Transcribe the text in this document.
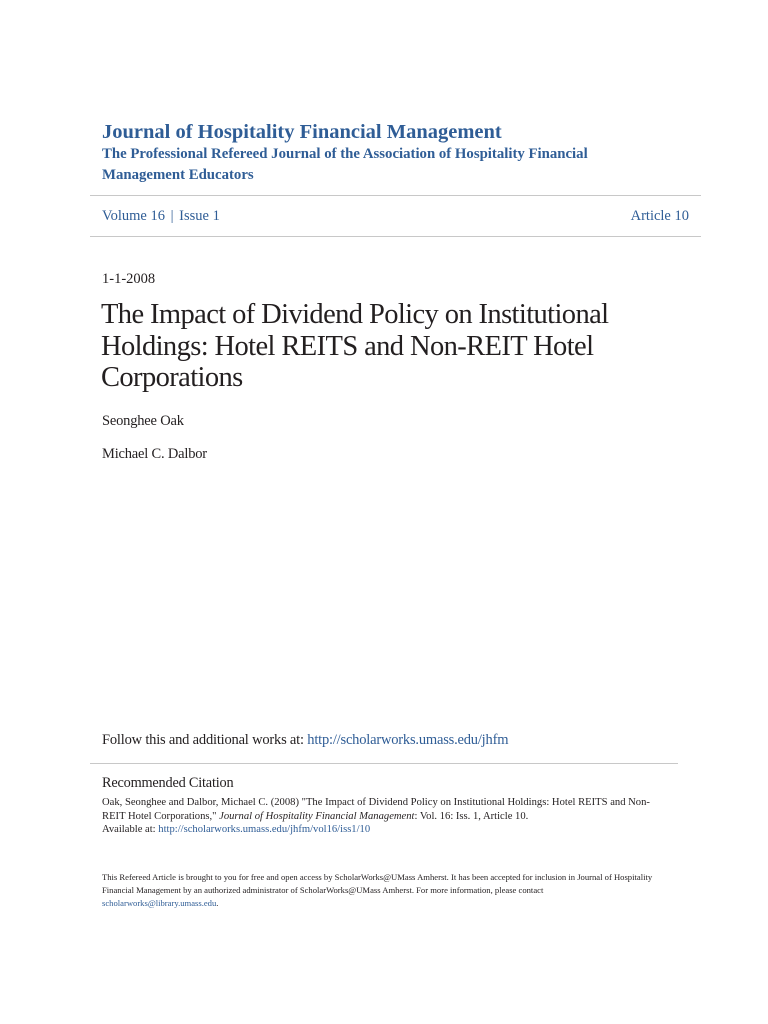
Journal of Hospitality Financial Management
The Professional Refereed Journal of the Association of Hospitality Financial Management Educators
Volume 16 | Issue 1	Article 10
1-1-2008
The Impact of Dividend Policy on Institutional Holdings: Hotel REITS and Non-REIT Hotel Corporations
Seonghee Oak
Michael C. Dalbor
Follow this and additional works at: http://scholarworks.umass.edu/jhfm
Recommended Citation
Oak, Seonghee and Dalbor, Michael C. (2008) "The Impact of Dividend Policy on Institutional Holdings: Hotel REITS and Non-REIT Hotel Corporations," Journal of Hospitality Financial Management: Vol. 16: Iss. 1, Article 10.
Available at: http://scholarworks.umass.edu/jhfm/vol16/iss1/10
This Refereed Article is brought to you for free and open access by ScholarWorks@UMass Amherst. It has been accepted for inclusion in Journal of Hospitality Financial Management by an authorized administrator of ScholarWorks@UMass Amherst. For more information, please contact
scholarworks@library.umass.edu.
